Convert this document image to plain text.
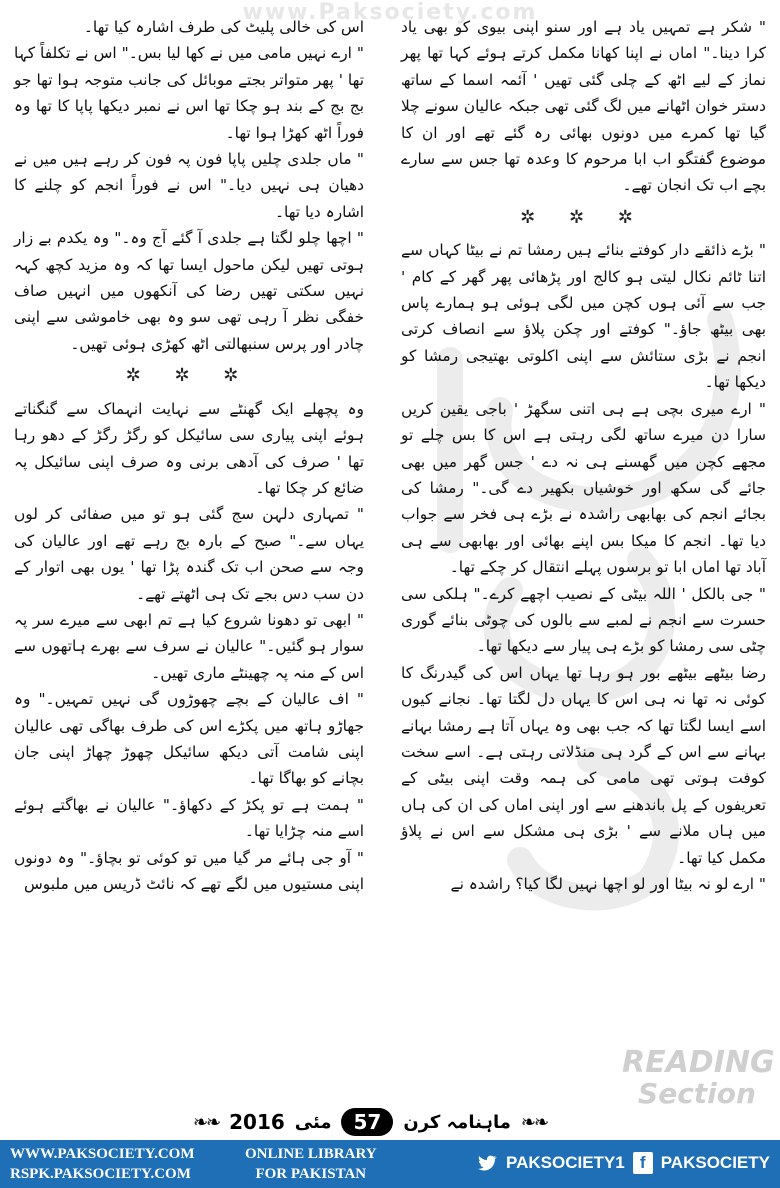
www.Paksociety.com

" شکر ہے تمہیں یاد ہے اور سنو اپنی بیوی کو بھی یاد کرا دینا۔" اماں نے اپنا کھانا مکمل کرتے ہوئے کہا تھا پھر نماز کے لیے اٹھ کے چلی گئی تھیں ' آئمہ اسما کے ساتھ دستر خوان اٹھانے میں لگ گئی تھی جبکہ عالیان سونے چلا گیا تھا کمرے میں دونوں بھائی رہ گئے تھے اور ان کا موضوع گفتگو اب ابا مرحوم کا وعدہ تھا جس سے سارے بچے اب تک انجان تھے۔

✲ ✲ ✲

" بڑے ذائقے دار کوفتے بنائے ہیں رمشا تم نے بیٹا کہاں سے اتنا ٹائم نکال لیتی ہو کالج اور پڑھائی پھر گھر کے کام ' جب سے آئی ہوں کچن میں لگی ہوئی ہو ہمارے پاس بھی بیٹھ جاؤ۔" کوفتے اور چکن پلاؤ سے انصاف کرتی انجم نے بڑی ستائش سے اپنی اکلوتی بھتیجی رمشا کو دیکھا تھا۔

" ارے میری بچی ہے ہی اتنی سگھڑ ' باجی یقین کریں سارا دن میرے ساتھ لگی رہتی ہے اس کا بس چلے تو مجھے کچن میں گھسنے ہی نہ دے ' جس گھر میں بھی جائے گی سکھ اور خوشیاں بکھیر دے گی۔" رمشا کی بجائے انجم کی بھابھی راشدہ نے بڑے ہی فخر سے جواب دیا تھا۔ انجم کا میکا بس اپنے بھائی اور بھابھی سے ہی آباد تھا اماں ابا تو برسوں پہلے انتقال کر چکے تھا۔

" جی بالکل ' اللہ بیٹی کے نصیب اچھے کرے۔" ہلکی سی حسرت سے انجم نے لمبے سے بالوں کی چوٹی بنائے گوری چٹی سی رمشا کو بڑے ہی پیار سے دیکھا تھا۔

رضا بیٹھے بیٹھے بور ہو رہا تھا یہاں اس کی گیدرنگ کا کوئی نہ تھا نہ ہی اس کا یہاں دل لگتا تھا۔ نجانے کیوں اسے ایسا لگتا تھا کہ جب بھی وہ یہاں آتا ہے رمشا بہانے بہانے سے اس کے گرد ہی منڈلاتی رہتی ہے۔ اسے سخت کوفت ہوتی تھی مامی کی ہمہ وقت اپنی بیٹی کے تعریفوں کے پل باندھنے سے اور اپنی اماں کی ان کی ہاں میں ہاں ملانے سے ' بڑی ہی مشکل سے اس نے پلاؤ مکمل کیا تھا۔

" ارے لو نہ بیٹا اور لو اچھا نہیں لگا کیا؟ راشدہ نے

اس کی خالی پلیٹ کی طرف اشارہ کیا تھا۔

" ارے نہیں مامی میں نے کھا لیا بس۔" اس نے تکلفاً کہا تھا ' پھر متواتر بجتے موبائل کی جانب متوجہ ہوا تھا جو بج بج کے بند ہو چکا تھا اس نے نمبر دیکھا پاپا کا تھا وہ فوراً اٹھ کھڑا ہوا تھا۔

" ماں جلدی چلیں پاپا فون پہ فون کر رہے ہیں میں نے دھیان ہی نہیں دیا۔" اس نے فوراً انجم کو چلنے کا اشارہ دیا تھا۔

" اچھا چلو لگتا ہے جلدی آ گئے آج وہ۔" وہ یکدم بے زار ہوتی تھیں لیکن ماحول ایسا تھا کہ وہ مزید کچھ کہہ نہیں سکتی تھیں رضا کی آنکھوں میں انہیں صاف خفگی نظر آ رہی تھی سو وہ بھی خاموشی سے اپنی چادر اور پرس سنبھالتی اٹھ کھڑی ہوئی تھیں۔

✲ ✲ ✲

وہ پچھلے ایک گھنٹے سے نہایت انہماک سے گنگناتے ہوئے اپنی پیاری سی سائیکل کو رگڑ رگڑ کے دھو رہا تھا ' صرف کی آدھی برنی وہ صرف اپنی سائیکل پہ ضائع کر چکا تھا۔

" تمہاری دلہن سج گئی ہو تو میں صفائی کر لوں یہاں سے۔" صبح کے بارہ بج رہے تھے اور عالیان کی وجہ سے صحن اب تک گندہ پڑا تھا ' یوں بھی اتوار کے دن سب دس بجے تک ہی اٹھتے تھے۔

" ابھی تو دھونا شروع کیا ہے تم ابھی سے میرے سر پہ سوار ہو گئیں۔" عالیان نے سرف سے بھرے ہاتھوں سے اس کے منہ پہ چھینٹے ماری تھیں۔

" اف عالیان کے بچے چھوڑوں گی نہیں تمہیں۔" وہ جھاڑو ہاتھ میں پکڑے اس کی طرف بھاگی تھی عالیان اپنی شامت آتی دیکھ سائیکل چھوڑ چھاڑ اپنی جان بچانے کو بھاگا تھا۔

" ہمت ہے تو پکڑ کے دکھاؤ۔" عالیان نے بھاگتے ہوئے اسے منہ چڑایا تھا۔

" آو جی ہائے مر گیا میں تو کوئی تو بچاؤ۔" وہ دونوں اپنی مستیوں میں لگے تھے کہ نائٹ ڈریس میں ملبوس

READING
Section
❧❧ 2016 مئی	57	ماہنامہ کرن ❧❧
WWW.PAKSOCIETY.COM
RSPK.PAKSOCIETY.COM
ONLINE LIBRARY
FOR PAKISTAN
PAKSOCIETY1 f PAKSOCIETY
